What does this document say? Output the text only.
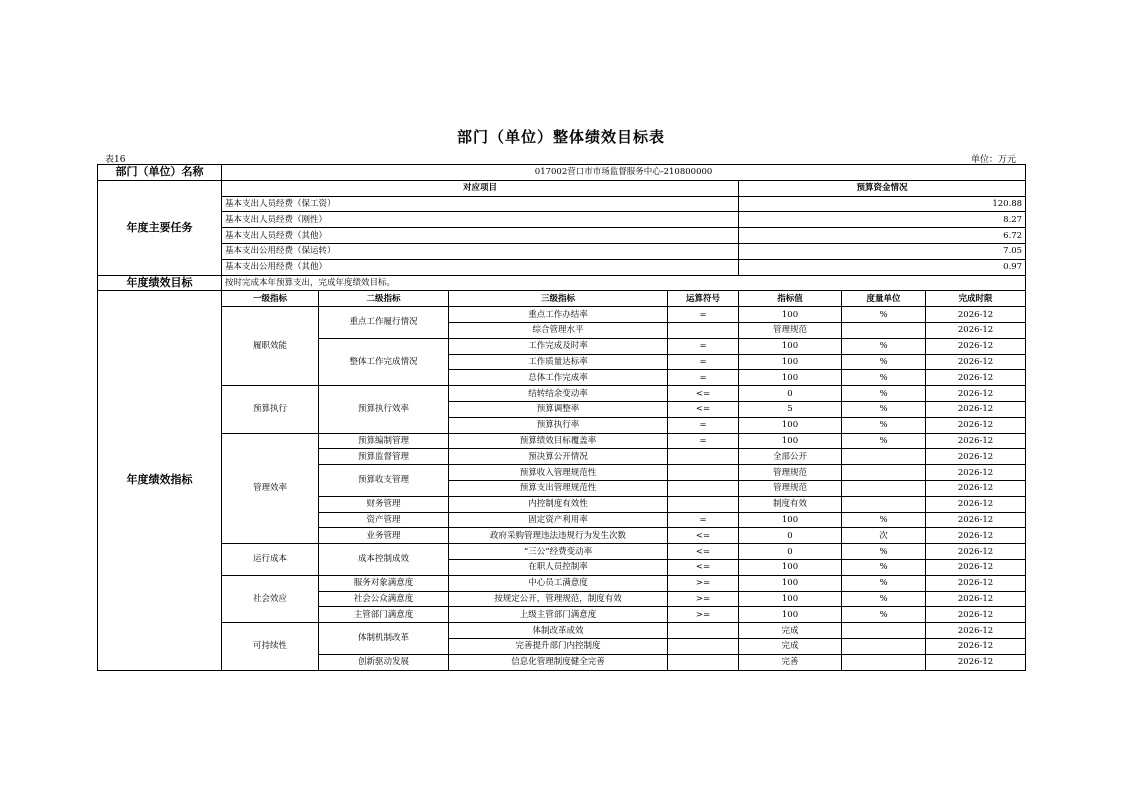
部门（单位）整体绩效目标表
表16	单位：万元
部门（单位）名称	017002营口市市场监督服务中心-210800000						
年度主要任务	对应项目				预算资金情况		
	基本支出人员经费（保工资）				120.88		
	基本支出人员经费（刚性）				8.27		
	基本支出人员经费（其他）				6.72		
	基本支出公用经费（保运转）				7.05		
	基本支出公用经费（其他）				0.97		
年度绩效目标	按时完成本年预算支出，完成年度绩效目标。						
年度绩效指标	一级指标	二级指标	三级指标	运算符号	指标值	度量单位	完成时限
	履职效能	重点工作履行情况	重点工作办结率	=	100	%	2026-12
			综合管理水平		管理规范		2026-12
		整体工作完成情况	工作完成及时率	=	100	%	2026-12
			工作质量达标率	=	100	%	2026-12
			总体工作完成率	=	100	%	2026-12
	预算执行	预算执行效率	结转结余变动率	<=	0	%	2026-12
			预算调整率	<=	5	%	2026-12
			预算执行率	=	100	%	2026-12
	管理效率	预算编制管理	预算绩效目标覆盖率	=	100	%	2026-12
		预算监督管理	预决算公开情况		全部公开		2026-12
		预算收支管理	预算收入管理规范性		管理规范		2026-12
			预算支出管理规范性		管理规范		2026-12
		财务管理	内控制度有效性		制度有效		2026-12
		资产管理	固定资产利用率	=	100	%	2026-12
		业务管理	政府采购管理违法违规行为发生次数	<=	0	次	2026-12
	运行成本	成本控制成效	“三公”经费变动率	<=	0	%	2026-12
			在职人员控制率	<=	100	%	2026-12
	社会效应	服务对象满意度	中心员工满意度	>=	100	%	2026-12
		社会公众满意度	按规定公开，管理规范，制度有效	>=	100	%	2026-12
		主管部门满意度	上级主管部门满意度	>=	100	%	2026-12
	可持续性	体制机制改革	体制改革成效		完成		2026-12
			完善提升部门内控制度		完成		2026-12
		创新驱动发展	信息化管理制度健全完善		完善		2026-12
